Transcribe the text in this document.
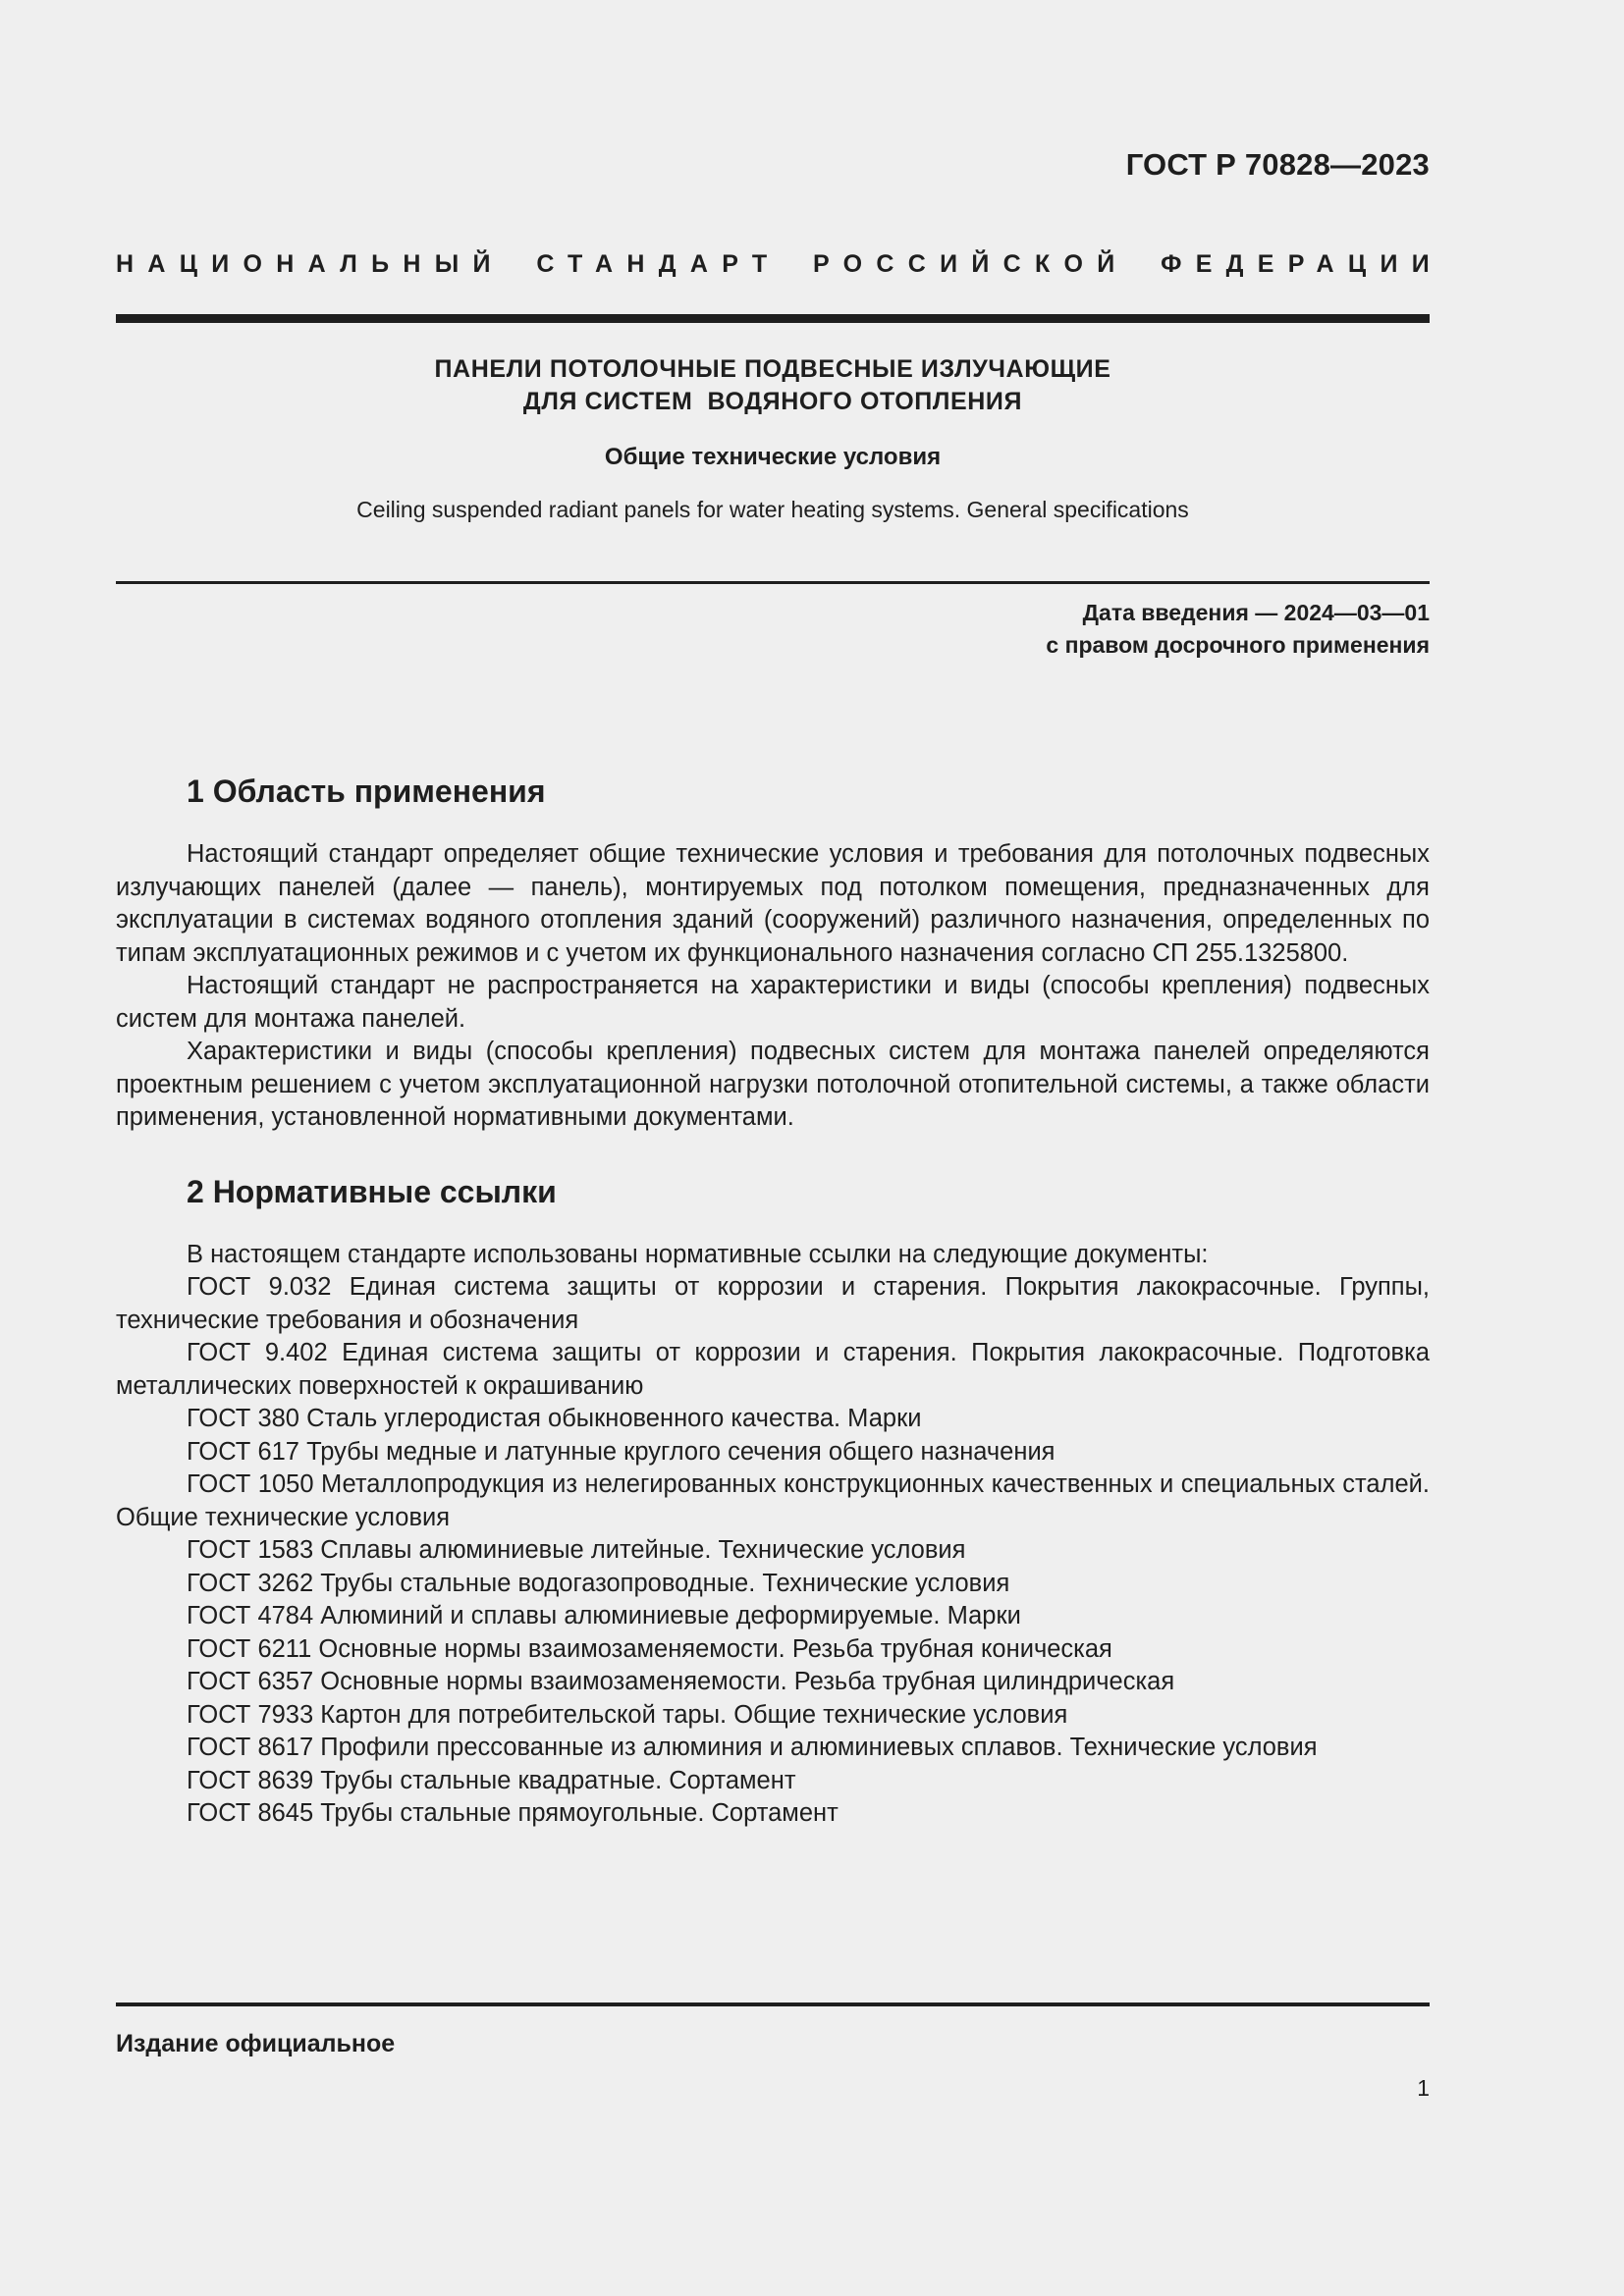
ГОСТ Р 70828—2023
НАЦИОНАЛЬНЫЙ СТАНДАРТ РОССИЙСКОЙ ФЕДЕРАЦИИ
ПАНЕЛИ ПОТОЛОЧНЫЕ ПОДВЕСНЫЕ ИЗЛУЧАЮЩИЕ
ДЛЯ СИСТЕМ  ВОДЯНОГО ОТОПЛЕНИЯ
Общие технические условия
Ceiling suspended radiant panels for water heating systems. General specifications
Дата введения — 2024—03—01
с правом досрочного применения
1 Область применения

Настоящий стандарт определяет общие технические условия и требования для потолочных подвесных излучающих панелей (далее — панель), монтируемых под потолком помещения, предназначенных для эксплуатации в системах водяного отопления зданий (сооружений) различного назначения, определенных по типам эксплуатационных режимов и с учетом их функционального назначения согласно СП 255.1325800.

Настоящий стандарт не распространяется на характеристики и виды (способы крепления) подвесных систем для монтажа панелей.

Характеристики и виды (способы крепления) подвесных систем для монтажа панелей определяются проектным решением с учетом эксплуатационной нагрузки потолочной отопительной системы, а также области применения, установленной нормативными документами.

2 Нормативные ссылки

В настоящем стандарте использованы нормативные ссылки на следующие документы:

ГОСТ 9.032 Единая система защиты от коррозии и старения. Покрытия лакокрасочные. Группы, технические требования и обозначения

ГОСТ 9.402 Единая система защиты от коррозии и старения. Покрытия лакокрасочные. Подготовка металлических поверхностей к окрашиванию

ГОСТ 380 Сталь углеродистая обыкновенного качества. Марки

ГОСТ 617 Трубы медные и латунные круглого сечения общего назначения

ГОСТ 1050 Металлопродукция из нелегированных конструкционных качественных и специальных сталей. Общие технические условия

ГОСТ 1583 Сплавы алюминиевые литейные. Технические условия

ГОСТ 3262 Трубы стальные водогазопроводные. Технические условия

ГОСТ 4784 Алюминий и сплавы алюминиевые деформируемые. Марки

ГОСТ 6211 Основные нормы взаимозаменяемости. Резьба трубная коническая

ГОСТ 6357 Основные нормы взаимозаменяемости. Резьба трубная цилиндрическая

ГОСТ 7933 Картон для потребительской тары. Общие технические условия

ГОСТ 8617 Профили прессованные из алюминия и алюминиевых сплавов. Технические условия

ГОСТ 8639 Трубы стальные квадратные. Сортамент

ГОСТ 8645 Трубы стальные прямоугольные. Сортамент

Издание официальное
1
